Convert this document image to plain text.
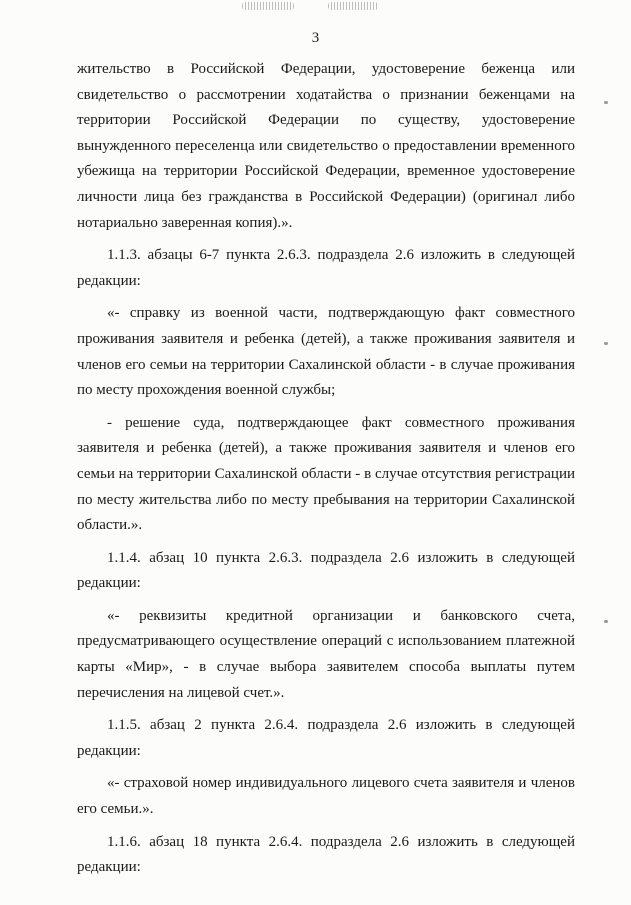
3

жительство в Российской Федерации, удостоверение беженца или свидетельство о рассмотрении ходатайства о признании беженцами на территории Российской Федерации по существу, удостоверение вынужденного переселенца или свидетельство о предоставлении временного убежища на территории Российской Федерации, временное удостоверение личности лица без гражданства в Российской Федерации) (оригинал либо нотариально заверенная копия).».

1.1.3. абзацы 6-7 пункта 2.6.3. подраздела 2.6 изложить в следующей редакции:

«- справку из военной части, подтверждающую факт совместного проживания заявителя и ребенка (детей), а также проживания заявителя и членов его семьи на территории Сахалинской области - в случае проживания по месту прохождения военной службы;

- решение суда, подтверждающее факт совместного проживания заявителя и ребенка (детей), а также проживания заявителя и членов его семьи на территории Сахалинской области - в случае отсутствия регистрации по месту жительства либо по месту пребывания на территории Сахалинской области.».

1.1.4. абзац 10 пункта 2.6.3. подраздела 2.6 изложить в следующей редакции:

«- реквизиты кредитной организации и банковского счета, предусматривающего осуществление операций с использованием платежной карты «Мир», - в случае выбора заявителем способа выплаты путем перечисления на лицевой счет.».

1.1.5. абзац 2 пункта 2.6.4. подраздела 2.6 изложить в следующей редакции:

«- страховой номер индивидуального лицевого счета заявителя и членов его семьи.».

1.1.6. абзац 18 пункта 2.6.4. подраздела 2.6 изложить в следующей редакции:
